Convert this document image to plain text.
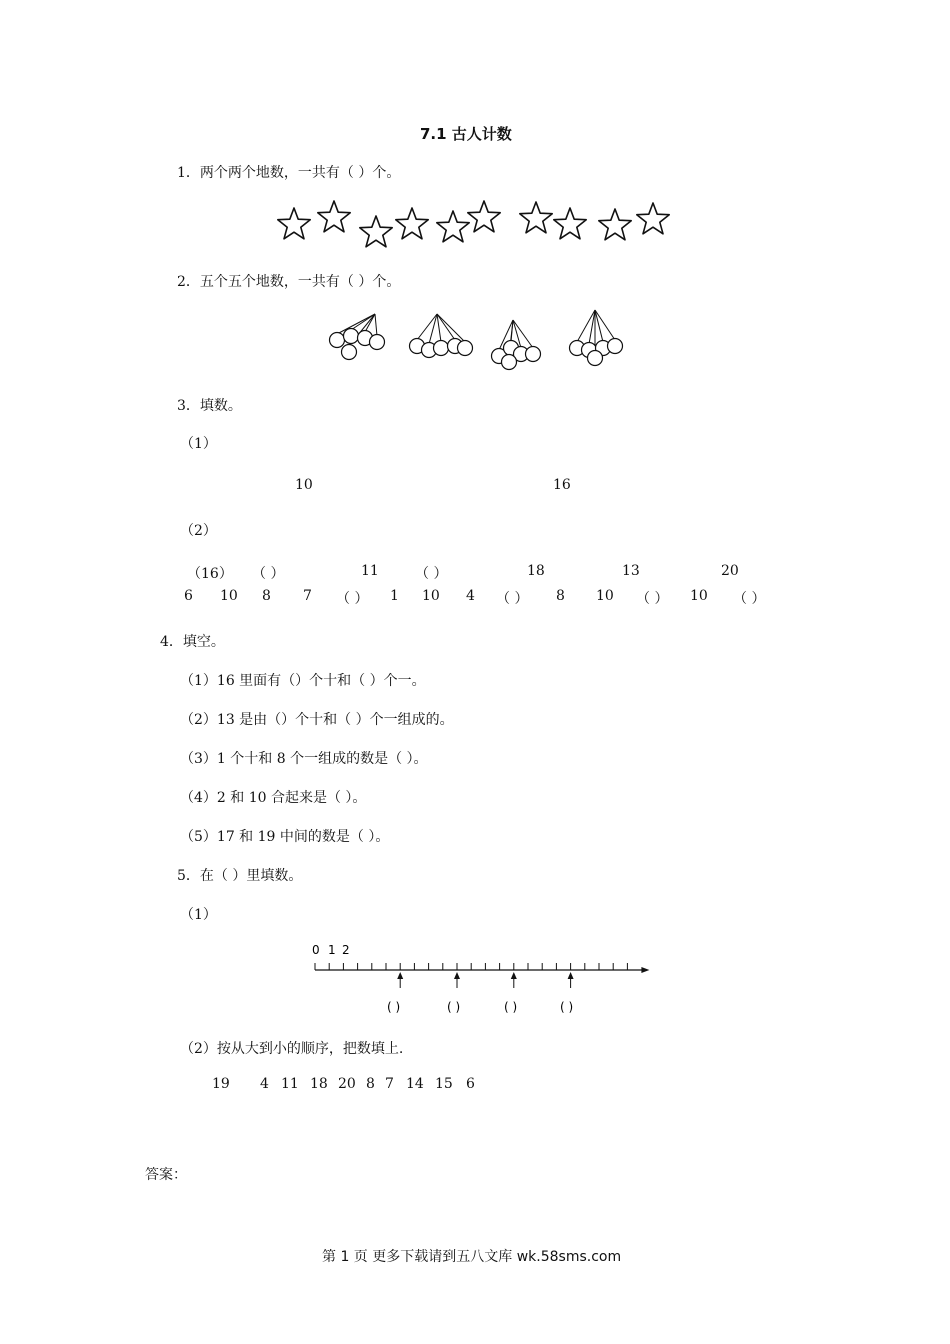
7.1 古人计数
1．两个两个地数，一共有（ ）个。
2．五个五个地数，一共有（ ）个。
3．填数。
（1）
10	16
（2）
（16） （ ）	11	（ ）	18	13	20
6 10 8 7 （ ） 1 10 4 （ ） 8 10 （ ） 10 （ ）
4．填空。
（1）16 里面有（）个十和（ ）个一。
（2）13 是由（）个十和（ ）个一组成的。
（3）1 个十和 8 个一组成的数是（ ）。
（4）2 和 10 合起来是（ ）。
（5）17 和 19 中间的数是（ ）。
5．在（ ）里填数。
（1）
0 1 2
( )	( )	( )	( )
（2）按从大到小的顺序，把数填上.
19 4 11 18 20 8 7 14 15 6
答案：
第 1 页 更多下载请到五八文库 wk.58sms.com
